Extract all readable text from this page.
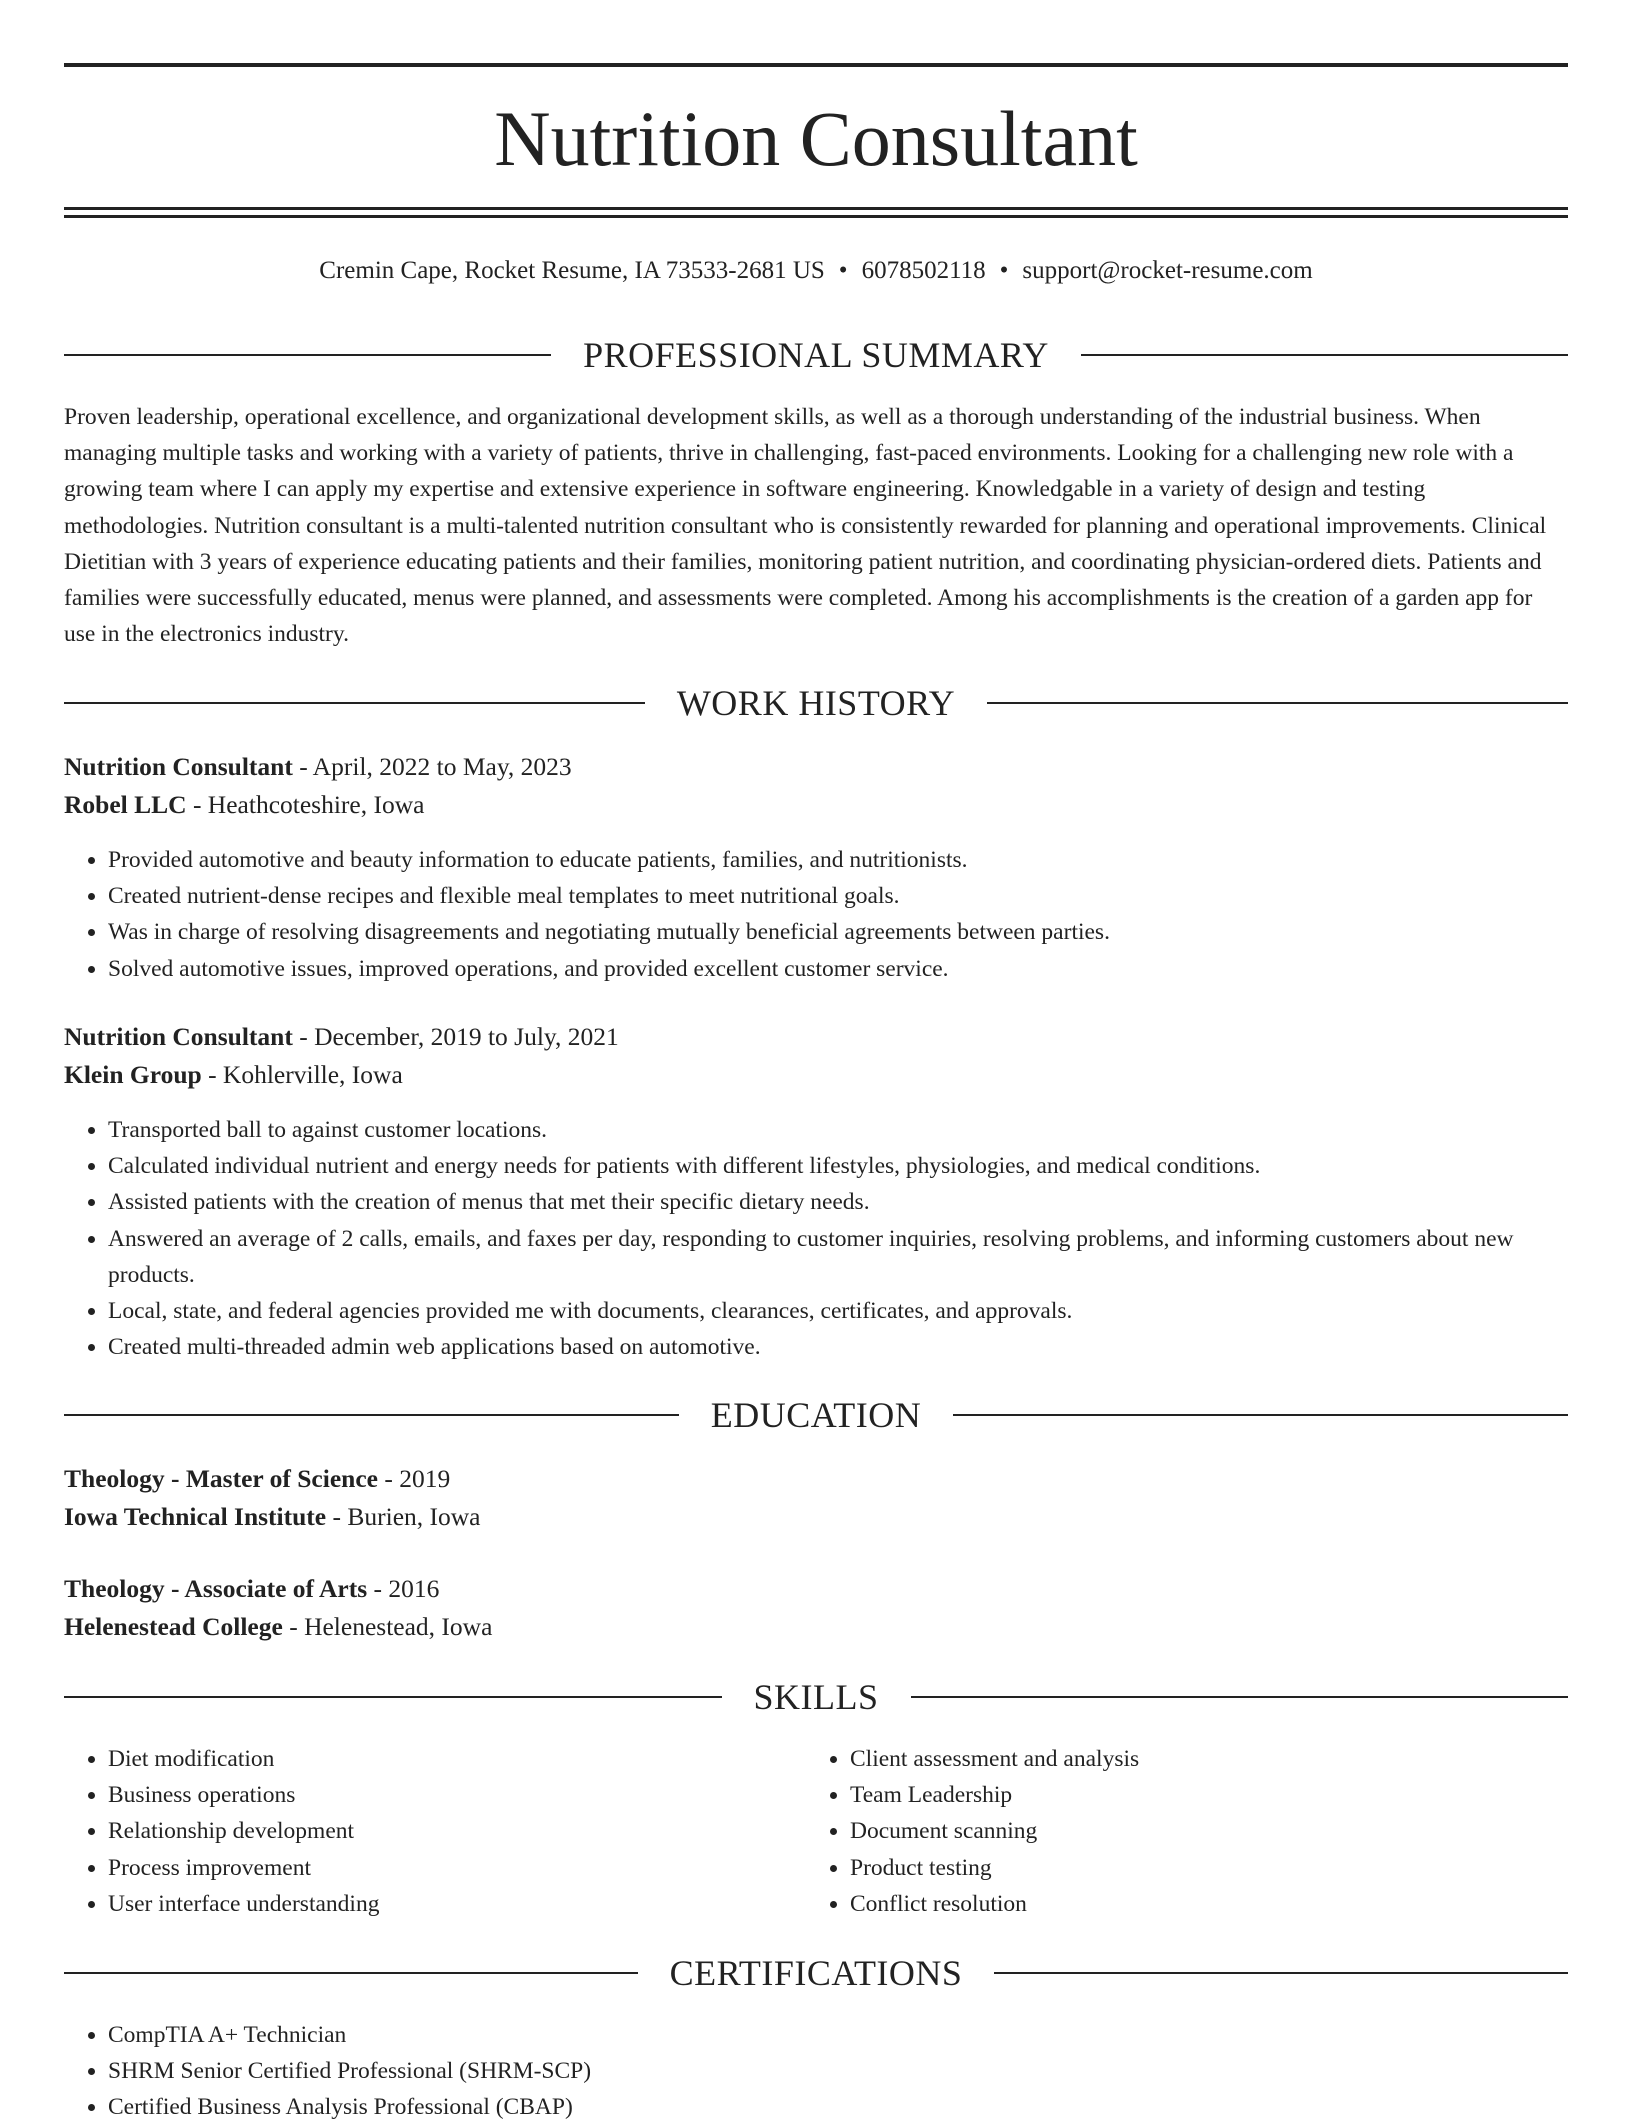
Nutrition Consultant
Cremin Cape, Rocket Resume, IA 73533-2681 US • 6078502118 • support@rocket-resume.com
PROFESSIONAL SUMMARY

Proven leadership, operational excellence, and organizational development skills, as well as a thorough understanding of the industrial business. When managing multiple tasks and working with a variety of patients, thrive in challenging, fast-paced environments. Looking for a challenging new role with a growing team where I can apply my expertise and extensive experience in software engineering. Knowledgable in a variety of design and testing methodologies. Nutrition consultant is a multi-talented nutrition consultant who is consistently rewarded for planning and operational improvements. Clinical Dietitian with 3 years of experience educating patients and their families, monitoring patient nutrition, and coordinating physician-ordered diets. Patients and families were successfully educated, menus were planned, and assessments were completed. Among his accomplishments is the creation of a garden app for use in the electronics industry.

WORK HISTORY
Nutrition Consultant - April, 2022 to May, 2023
Robel LLC - Heathcoteshire, Iowa
• Provided automotive and beauty information to educate patients, families, and nutritionists.
• Created nutrient-dense recipes and flexible meal templates to meet nutritional goals.
• Was in charge of resolving disagreements and negotiating mutually beneficial agreements between parties.
• Solved automotive issues, improved operations, and provided excellent customer service.
Nutrition Consultant - December, 2019 to July, 2021
Klein Group - Kohlerville, Iowa
• Transported ball to against customer locations.
• Calculated individual nutrient and energy needs for patients with different lifestyles, physiologies, and medical conditions.
• Assisted patients with the creation of menus that met their specific dietary needs.
• Answered an average of 2 calls, emails, and faxes per day, responding to customer inquiries, resolving problems, and informing customers about new products.
• Local, state, and federal agencies provided me with documents, clearances, certificates, and approvals.
• Created multi-threaded admin web applications based on automotive.
EDUCATION
Theology - Master of Science - 2019
Iowa Technical Institute - Burien, Iowa
Theology - Associate of Arts - 2016
Helenestead College - Helenestead, Iowa
SKILLS
• Diet modification
• Business operations
• Relationship development
• Process improvement
• User interface understanding
• Client assessment and analysis
• Team Leadership
• Document scanning
• Product testing
• Conflict resolution
CERTIFICATIONS
• CompTIA A+ Technician
• SHRM Senior Certified Professional (SHRM-SCP)
• Certified Business Analysis Professional (CBAP)
